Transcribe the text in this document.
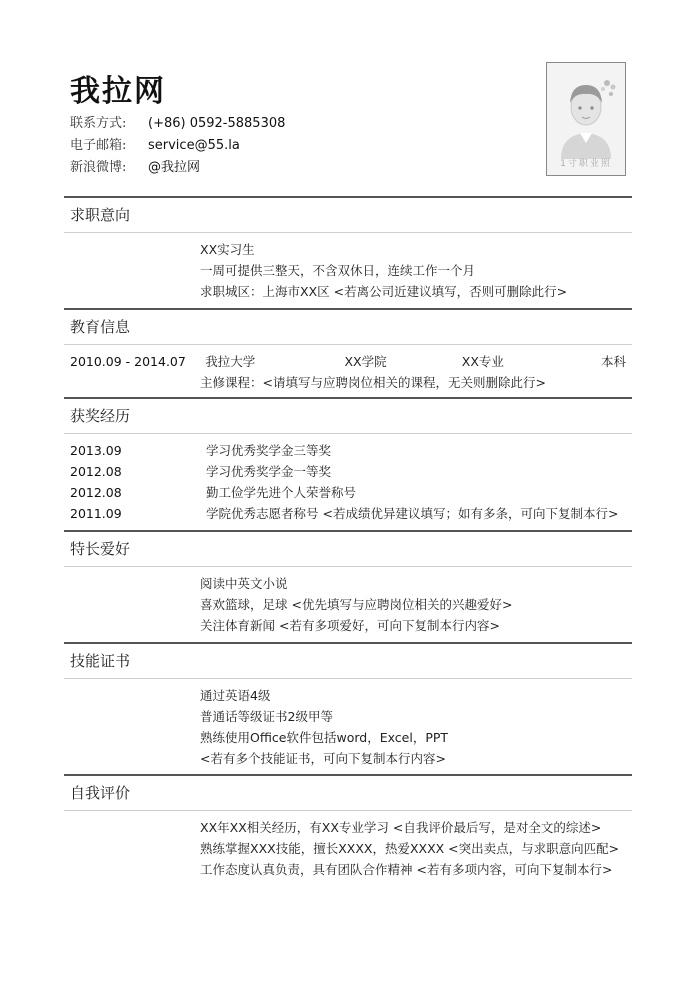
我拉网
联系方式:	(+86) 0592-5885308
电子邮箱:	service@55.la
新浪微博:	@我拉网	1寸职业照
求职意向
XX实习生
一周可提供三整天，不含双休日，连续工作一个月
求职城区：上海市XX区 <若离公司近建议填写，否则可删除此行>
教育信息
2010.09 - 2014.07	我拉大学	XX学院	XX专业	本科
主修课程：<请填写与应聘岗位相关的课程，无关则删除此行>
获奖经历
2013.09	学习优秀奖学金三等奖
2012.08	学习优秀奖学金一等奖
2012.08	勤工俭学先进个人荣誉称号
2011.09	学院优秀志愿者称号 <若成绩优异建议填写；如有多条，可向下复制本行>
特长爱好
阅读中英文小说
喜欢篮球，足球 <优先填写与应聘岗位相关的兴趣爱好>
关注体育新闻 <若有多项爱好，可向下复制本行内容>
技能证书
通过英语4级
普通话等级证书2级甲等
熟练使用Office软件包括word，Excel，PPT
<若有多个技能证书，可向下复制本行内容>
自我评价
XX年XX相关经历，有XX专业学习 <自我评价最后写，是对全文的综述>
熟练掌握XXX技能，擅长XXXX，热爱XXXX <突出卖点，与求职意向匹配>
工作态度认真负责，具有团队合作精神 <若有多项内容，可向下复制本行>
